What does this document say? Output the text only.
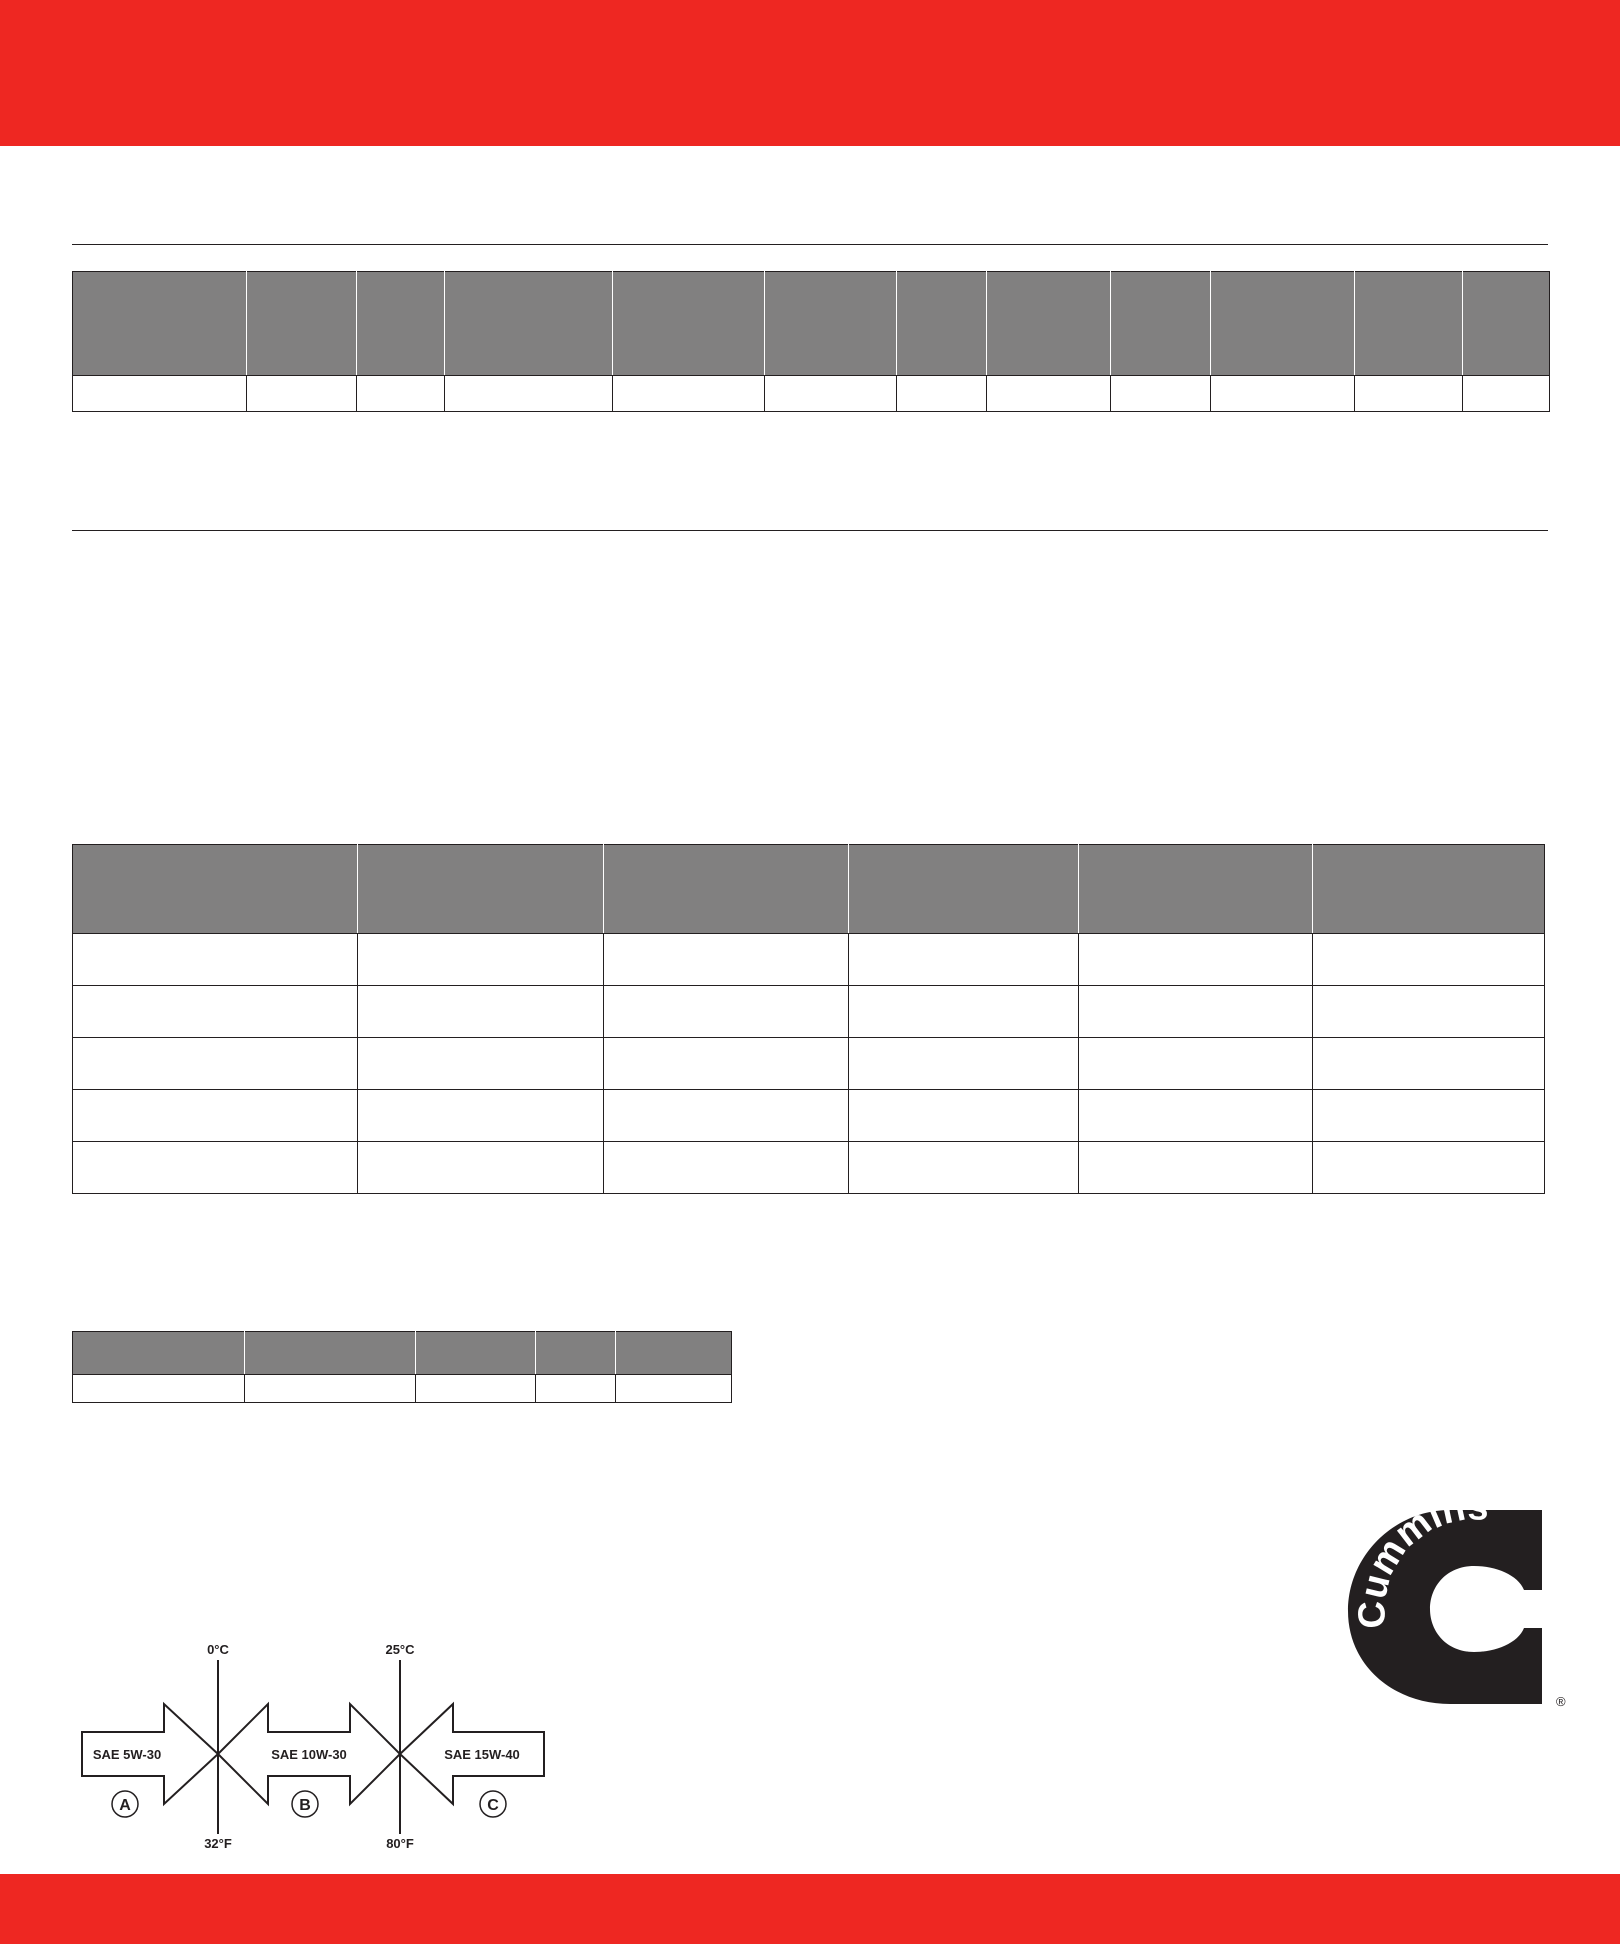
0°C
32°F
25°C
80°F
SAE 5W-30	SAE 10W-30	SAE 15W-40
A	B	C
Cummins
®
